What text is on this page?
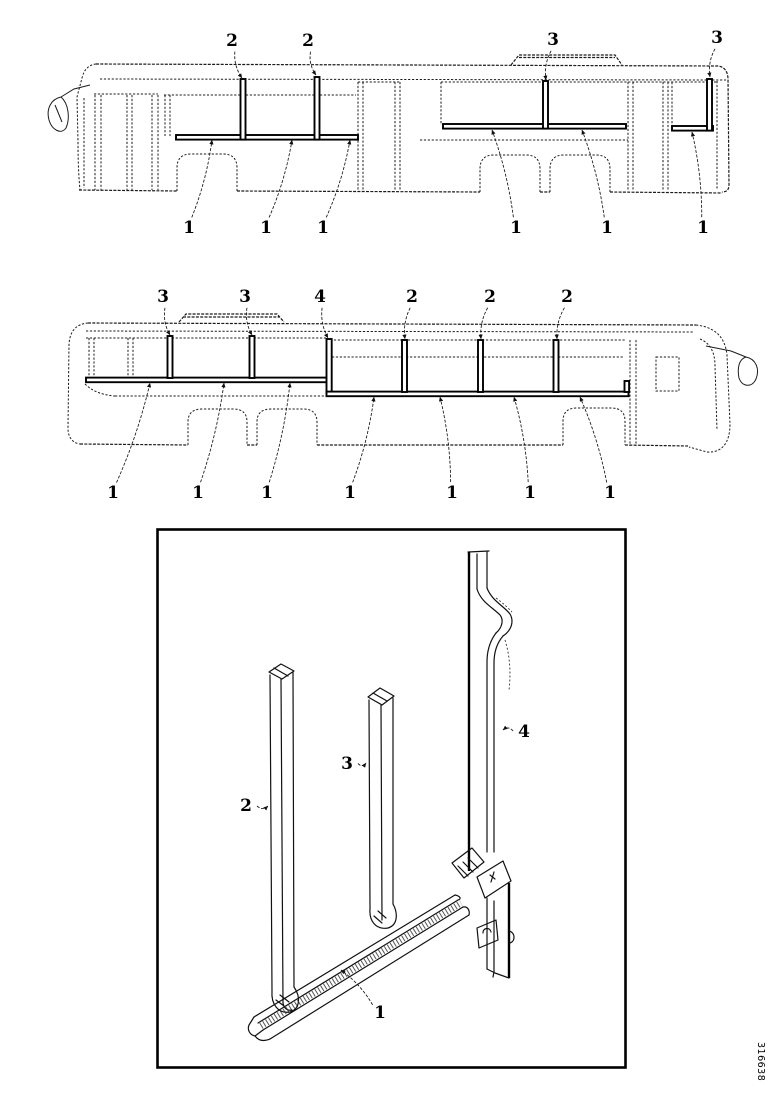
2	2	3	3
1	1	1	1	1	1
3	3	4	2	2	2
1	1	1	1	1	1	1
2
3
4
1
316638
